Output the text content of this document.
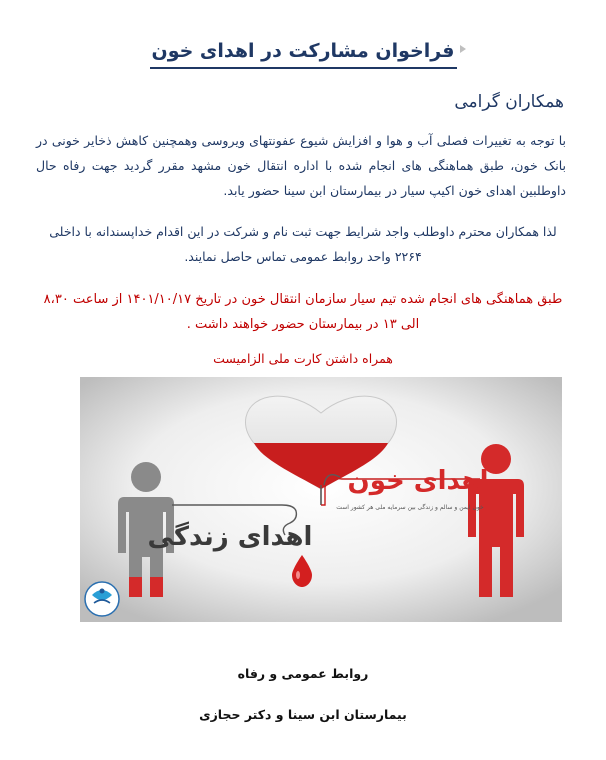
فراخوان مشارکت در اهدای خون
همکاران گرامی
با توجه به تغییرات فصلی آب و هوا و افزایش شیوع عفونتهای ویروسی وهمچنین کاهش ذخایر خونی در بانک خون، طبق هماهنگی های انجام شده با اداره انتقال خون مشهد مقرر گردید جهت رفاه حال داوطلبین اهدای خون اکیپ سیار در بیمارستان ابن سینا حضور یابد.
لذا همکاران محترم داوطلب واجد شرایط جهت ثبت نام و شرکت در این اقدام خداپسندانه با داخلی ۲۲۶۴ واحد روابط عمومی تماس حاصل نمایند.
طبق هماهنگی های انجام شده تیم سیار سازمان انتقال خون در تاریخ ۱۴۰۱/۱۰/۱۷ از ساعت ۸،۳۰ الی ۱۳ در بیمارستان حضور خواهند داشت .
همراه داشتن کارت ملی الزامیست
اهدای خون
خون ایمن و سالم و زندگی بین سرمایه ملی هر کشور است
اهدای زندگی
روابط عمومی و رفاه
بیمارستان ابن سینا و دکتر حجازی
